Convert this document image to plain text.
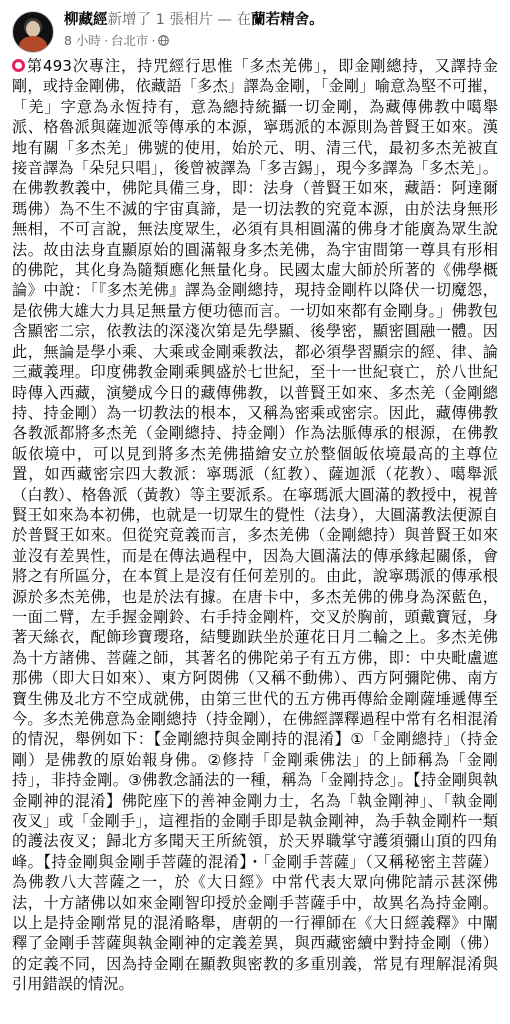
柳藏經新增了 1 張相片 — 在蘭若精舍。
8 小時 · 台北市 ·
第493次專注，持咒經行思惟「多杰羌佛」，即金剛總持，又譯持金剛，或持金剛佛，依藏語「多杰」譯為金剛，「金剛」喻意為堅不可摧，「羌」字意為永恆持有，意為總持統攝一切金剛，為藏傳佛教中噶舉派、格魯派與薩迦派等傳承的本源，寧瑪派的本源則為普賢王如來。漢地有關「多杰羌」佛號的使用，始於元、明、清三代，最初多杰羌被直接音譯為「朵兒只唱」，後曾被譯為「多吉錫」，現今多譯為「多杰羌」。在佛教教義中，佛陀具備三身，即：法身（普賢王如來，藏語：阿達爾瑪佛）為不生不滅的宇宙真諦，是一切法教的究竟本源，由於法身無形無相，不可言說，無法度眾生，必須有具相圓滿的佛身才能廣為眾生說法。故由法身直顯原始的圓滿報身多杰羌佛，為宇宙間第一尊具有形相的佛陀，其化身為隨類應化無量化身。民國太虛大師於所著的《佛學概論》中說：「『多杰羌佛』譯為金剛總持，現持金剛杵以降伏一切魔怨，是依佛大雄大力具足無量方便功德而言。一切如來都有金剛身。」佛教包含顯密二宗，依教法的深淺次第是先學顯、後學密，顯密圓融一體。因此，無論是學小乘、大乘或金剛乘教法，都必須學習顯宗的經、律、論三藏義理。印度佛教金剛乘興盛於七世紀，至十一世紀衰亡，於八世紀時傳入西藏，演變成今日的藏傳佛教，以普賢王如來、多杰羌（金剛總持、持金剛）為一切教法的根本，又稱為密乘或密宗。因此，藏傳佛教各教派都將多杰羌（金剛總持、持金剛）作為法脈傳承的根源，在佛教皈依境中，可以見到將多杰羌佛描繪安立於整個皈依境最高的主尊位置，如西藏密宗四大教派：寧瑪派（紅教）、薩迦派（花教）、噶舉派（白教）、格魯派（黃教）等主要派系。在寧瑪派大圓滿的教授中，視普賢王如來為本初佛，也就是一切眾生的覺性（法身），大圓滿教法便源自於普賢王如來。但從究竟義而言，多杰羌佛（金剛總持）與普賢王如來並沒有差異性，而是在傳法過程中，因為大圓滿法的傳承緣起關係，會將之有所區分，在本質上是沒有任何差別的。由此，說寧瑪派的傳承根源於多杰羌佛，也是於法有據。在唐卡中，多杰羌佛的佛身為深藍色，一面二臂，左手握金剛鈴、右手持金剛杵，交叉於胸前，頭戴寶冠，身著天絲衣，配飾珍寶瓔珞，結雙跏趺坐於蓮花日月二輪之上。多杰羌佛為十方諸佛、菩薩之師，其著名的佛陀弟子有五方佛，即：中央毗盧遮那佛（即大日如來）、東方阿閦佛（又稱不動佛）、西方阿彌陀佛、南方寶生佛及北方不空成就佛，由第三世代的五方佛再傳給金剛薩埵遞傳至今。多杰羌佛意為金剛總持（持金剛），在佛經譯釋過程中常有名相混淆的情況，舉例如下：【金剛總持與金剛持的混淆】①「金剛總持」（持金剛）是佛教的原始報身佛。②修持「金剛乘佛法」的上師稱為「金剛持」，非持金剛。③佛教念誦法的一種，稱為「金剛持念」。【持金剛與執金剛神的混淆】佛陀座下的善神金剛力士，名為「執金剛神」、「執金剛夜叉」或「金剛手」，這裡指的金剛手即是執金剛神，為手執金剛杵一類的護法夜叉；歸北方多聞天王所統領，於天界職掌守護須彌山頂的四角峰。【持金剛與金剛手菩薩的混淆】・「金剛手菩薩」（又稱秘密主菩薩）為佛教八大菩薩之一，於《大日經》中常代表大眾向佛陀請示甚深佛法，十方諸佛以如來金剛智印授於金剛手菩薩手中，故異名為持金剛。以上是持金剛常見的混淆略舉，唐朝的一行禪師在《大日經義釋》中闡釋了金剛手菩薩與執金剛神的定義差異，與西藏密續中對持金剛（佛）的定義不同，因為持金剛在顯教與密教的多重別義，常見有理解混淆與引用錯誤的情況。
